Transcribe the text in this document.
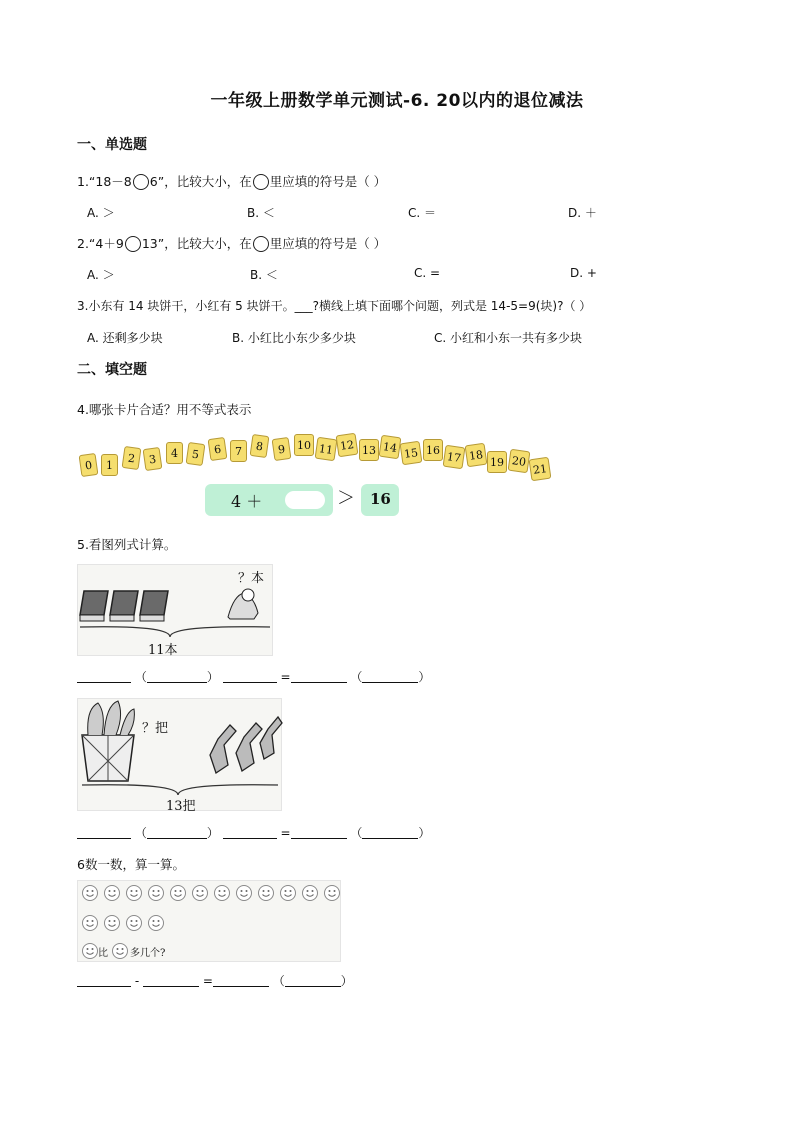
一年级上册数学单元测试-6. 20以内的退位减法
一、单选题
1.“18－8 6”，比较大小，在 里应填的符号是（ ）
A. ＞	B. ＜	C. ＝	D. ＋
2.“4＋9 13”，比较大小，在 里应填的符号是（ ）
A. ＞	B. ＜	C. =	D. +
3.小东有 14 块饼干，小红有 5 块饼干。___?横线上填下面哪个问题，列式是 14-5=9(块)?（ ）
A. 还剩多少块	B. 小红比小东少多少块	C. 小红和小东一共有多少块
二、填空题
4.哪张卡片合适？用不等式表示
0	1
2	3	4	5	6	7	8	9	10 11 12 13 14 15 16 17 18 19 20
21
4 ＋	＞ 16
5.看图列式计算。
？本
11本
（	）	=	（	）
？把
13把
（	）	=	（	）
6数一数，算一算。
比 多几个?
-	=	（	）
